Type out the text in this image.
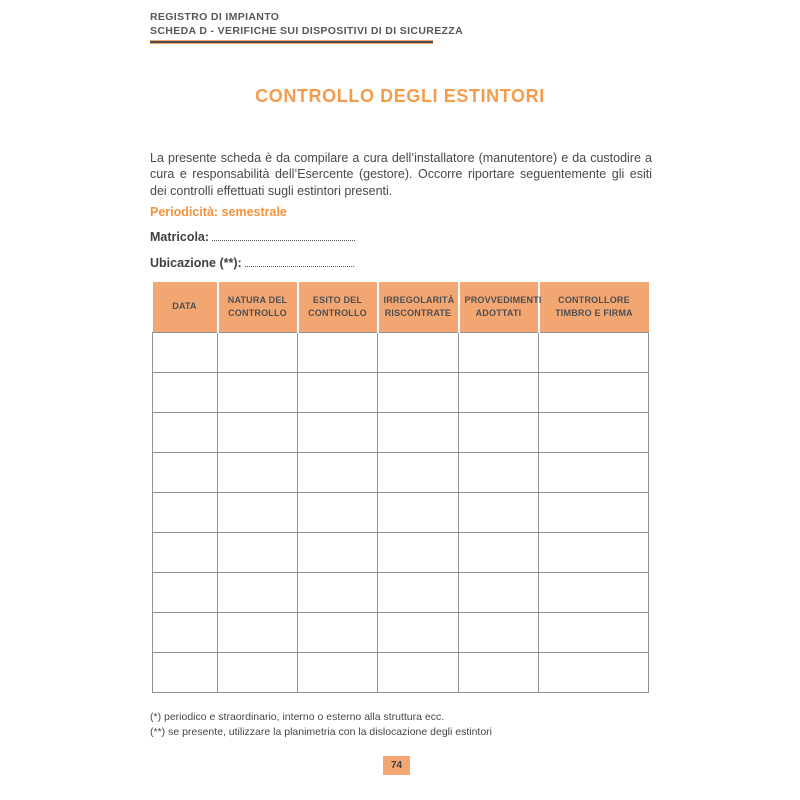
REGISTRO DI IMPIANTO
SCHEDA D - VERIFICHE SUI DISPOSITIVI DI DI SICUREZZA
CONTROLLO DEGLI ESTINTORI

La presente scheda è da compilare a cura dell’installatore (manutentore) e da custodire a cura e responsabilità dell’Esercente (gestore). Occorre riportare seguentemente gli esiti dei controlli effettuati sugli estintori presenti.

Periodicità: semestrale
Matricola:
Ubicazione (**):
DATA	NATURA DEL CONTROLLO	ESITO DEL CONTROLLO	IRREGOLARITÀ RISCONTRATE	PROVVEDIMENTI ADOTTATI	CONTROLLORE TIMBRO E FIRMA

(*) periodico e straordinario, interno o esterno alla struttura ecc.
(**) se presente, utilizzare la planimetria con la dislocazione degli estintori
74
